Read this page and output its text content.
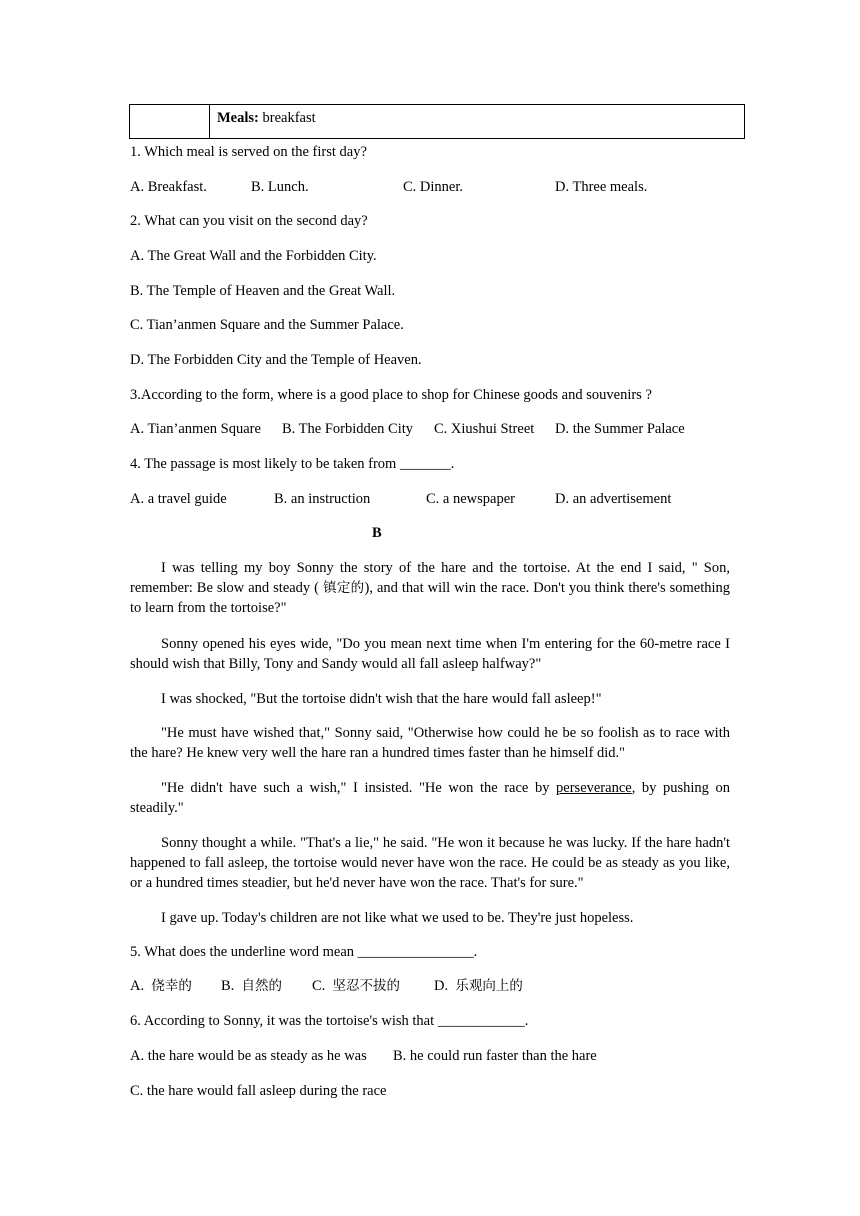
Meals: breakfast
1. Which meal is served on the first day?
A. Breakfast.	B. Lunch.	C. Dinner.	D. Three meals.
2. What can you visit on the second day?
A. The Great Wall and the Forbidden City.
B. The Temple of Heaven and the Great Wall.
C. Tian’anmen Square and the Summer Palace.
D. The Forbidden City and the Temple of Heaven.
3.According to the form, where is a good place to shop for Chinese goods and souvenirs ?
A. Tian’anmen Square B. The Forbidden City C. Xiushui Street D. the Summer Palace
4. The passage is most likely to be taken from _______.
A. a travel guide	B. an instruction	C. a newspaper	D. an advertisement
B
I was telling my boy Sonny the story of the hare and the tortoise. At the end I said, " Son, remember: Be slow and steady ( 镇定的), and that will win the race. Don't you think there's something to learn from the tortoise?"
Sonny opened his eyes wide, "Do you mean next time when I'm entering for the 60-metre race I should wish that Billy, Tony and Sandy would all fall asleep halfway?"
I was shocked, "But the tortoise didn't wish that the hare would fall asleep!"
"He must have wished that," Sonny said, "Otherwise how could he be so foolish as to race with the hare? He knew very well the hare ran a hundred times faster than he himself did."
"He didn't have such a wish," I insisted. "He won the race by perseverance, by pushing on steadily."
Sonny thought a while. "That's a lie," he said. "He won it because he was lucky. If the hare hadn't happened to fall asleep, the tortoise would never have won the race. He could be as steady as you like, or a hundred times steadier, but he'd never have won the race. That's for sure."
I gave up. Today's children are not like what we used to be. They're just hopeless.
5. What does the underline word mean ________________.
A. 侥幸的 B. 自然的 C. 坚忍不拔的 D. 乐观向上的
6. According to Sonny, it was the tortoise's wish that ____________.
A. the hare would be as steady as he was B. he could run faster than the hare
C. the hare would fall asleep during the race
